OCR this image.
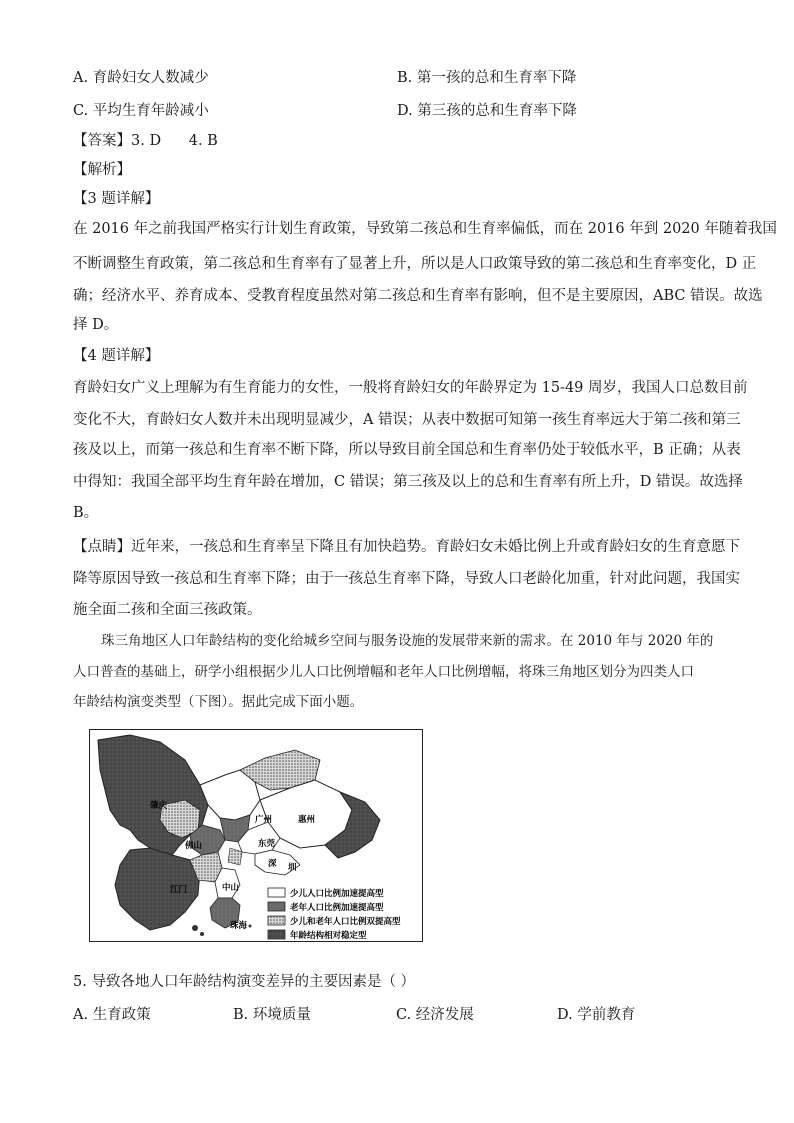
A. 育龄妇女人数减少	B. 第一孩的总和生育率下降
C. 平均生育年龄减小	D. 第三孩的总和生育率下降
【答案】3. D      4. B
【解析】
【3 题详解】
在 2016 年之前我国严格实行计划生育政策，导致第二孩总和生育率偏低，而在 2016 年到 2020 年随着我国
不断调整生育政策，第二孩总和生育率有了显著上升，所以是人口政策导致的第二孩总和生育率变化，D 正
确；经济水平、养育成本、受教育程度虽然对第二孩总和生育率有影响，但不是主要原因，ABC 错误。故选
择 D。
【4 题详解】
育龄妇女广义上理解为有生育能力的女性，一般将育龄妇女的年龄界定为 15-49 周岁，我国人口总数目前
变化不大，育龄妇女人数并未出现明显减少，A 错误；从表中数据可知第一孩生育率远大于第二孩和第三
孩及以上，而第一孩总和生育率不断下降，所以导致目前全国总和生育率仍处于较低水平，B 正确；从表
中得知：我国全部平均生育年龄在增加，C 错误；第三孩及以上的总和生育率有所上升，D 错误。故选择
B。
【点睛】近年来，一孩总和生育率呈下降且有加快趋势。育龄妇女未婚比例上升或育龄妇女的生育意愿下
降等原因导致一孩总和生育率下降；由于一孩总生育率下降，导致人口老龄化加重，针对此问题，我国实
施全面二孩和全面三孩政策。
珠三角地区人口年龄结构的变化给城乡空间与服务设施的发展带来新的需求。在 2010 年与 2020 年的
人口普查的基础上，研学小组根据少儿人口比例增幅和老年人口比例增幅，将珠三角地区划分为四类人口
年龄结构演变类型（下图）。据此完成下面小题。
肇庆
广州	惠州
佛山	东莞
深 圳
中山
江门
珠海
少儿人口比例加速提高型
老年人口比例加速提高型
少儿和老年人口比例双提高型
年龄结构相对稳定型
5. 导致各地人口年龄结构演变差异的主要因素是（ ）
A. 生育政策	B. 环境质量	C. 经济发展	D. 学前教育
